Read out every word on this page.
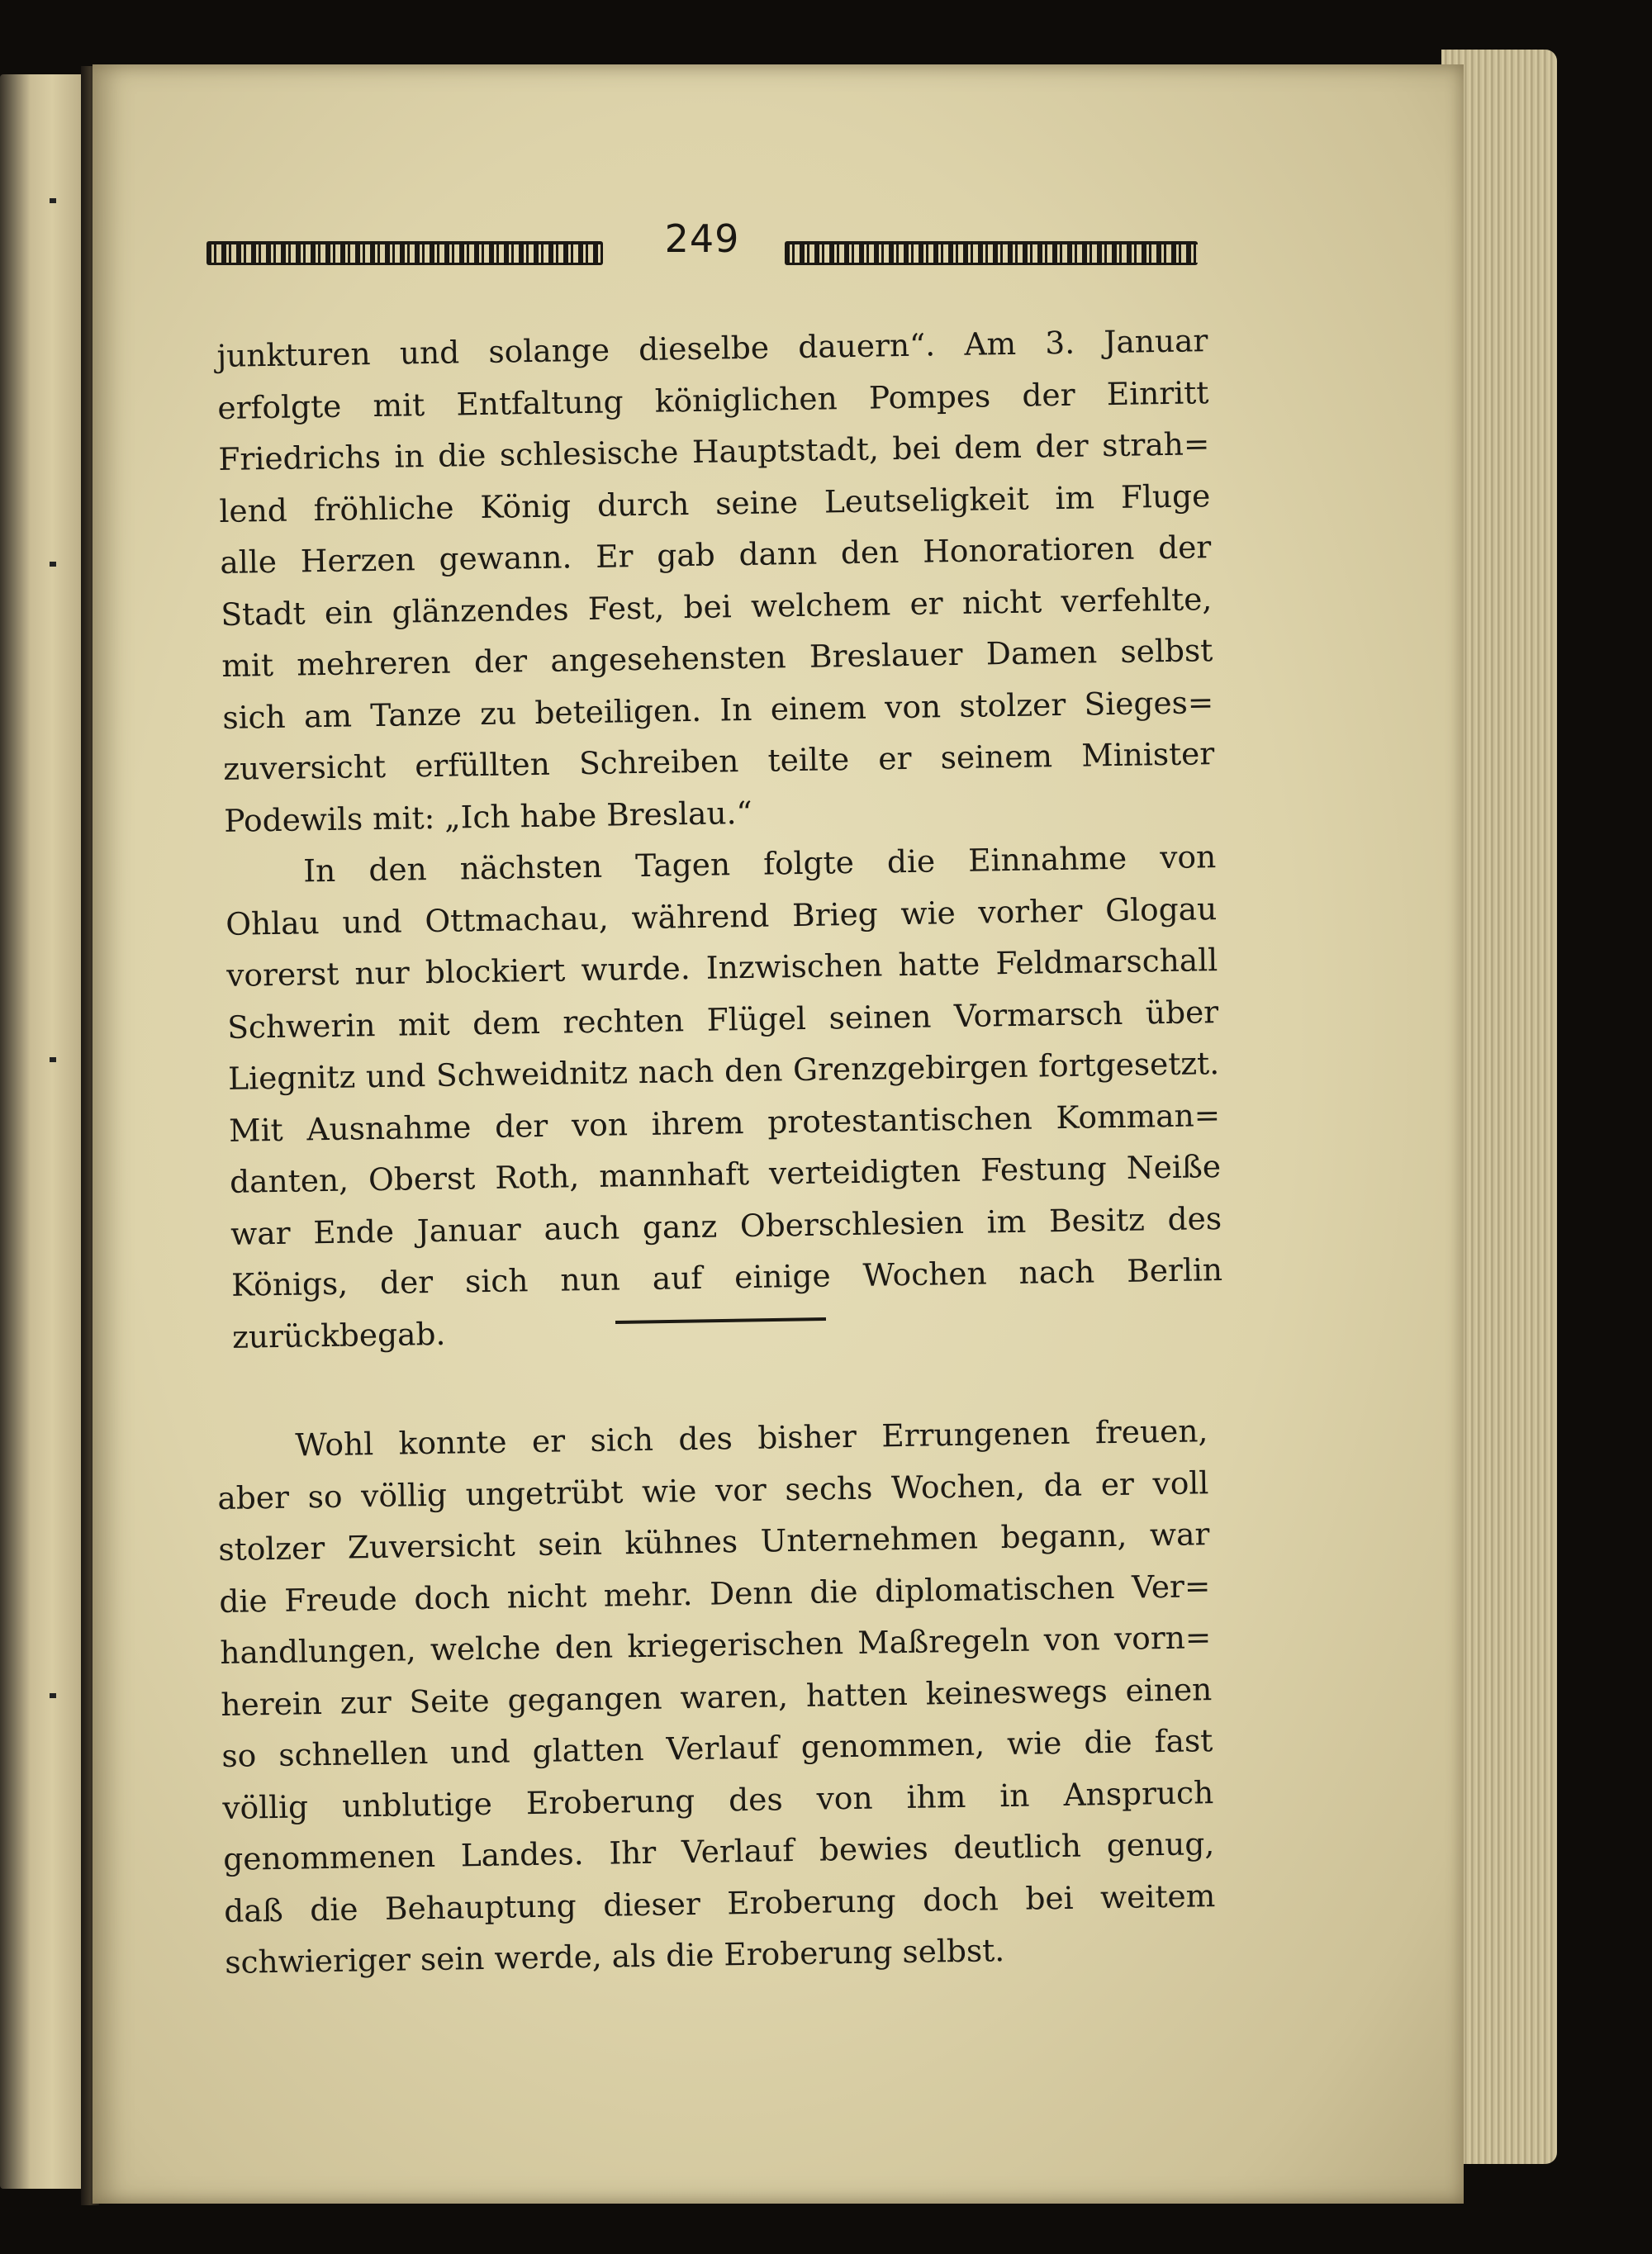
249
junkturen und solange dieselbe dauern“. Am 3. Januar
erfolgte mit Entfaltung königlichen Pompes der Einritt
Friedrichs in die schlesische Hauptstadt, bei dem der strah=
lend fröhliche König durch seine Leutseligkeit im Fluge
alle Herzen gewann. Er gab dann den Honoratioren der
Stadt ein glänzendes Fest, bei welchem er nicht verfehlte,
mit mehreren der angesehensten Breslauer Damen selbst
sich am Tanze zu beteiligen. In einem von stolzer Sieges=
zuversicht erfüllten Schreiben teilte er seinem Minister
Podewils mit: „Ich habe Breslau.“
In den nächsten Tagen folgte die Einnahme von
Ohlau und Ottmachau, während Brieg wie vorher Glogau
vorerst nur blockiert wurde. Inzwischen hatte Feldmarschall
Schwerin mit dem rechten Flügel seinen Vormarsch über
Liegnitz und Schweidnitz nach den Grenzgebirgen fortgesetzt.
Mit Ausnahme der von ihrem protestantischen Komman=
danten, Oberst Roth, mannhaft verteidigten Festung Neiße
war Ende Januar auch ganz Oberschlesien im Besitz des
Königs, der sich nun auf einige Wochen nach Berlin
zurückbegab.
Wohl konnte er sich des bisher Errungenen freuen,
aber so völlig ungetrübt wie vor sechs Wochen, da er voll
stolzer Zuversicht sein kühnes Unternehmen begann, war
die Freude doch nicht mehr. Denn die diplomatischen Ver=
handlungen, welche den kriegerischen Maßregeln von vorn=
herein zur Seite gegangen waren, hatten keineswegs einen
so schnellen und glatten Verlauf genommen, wie die fast
völlig unblutige Eroberung des von ihm in Anspruch
genommenen Landes. Ihr Verlauf bewies deutlich genug,
daß die Behauptung dieser Eroberung doch bei weitem
schwieriger sein werde, als die Eroberung selbst.
